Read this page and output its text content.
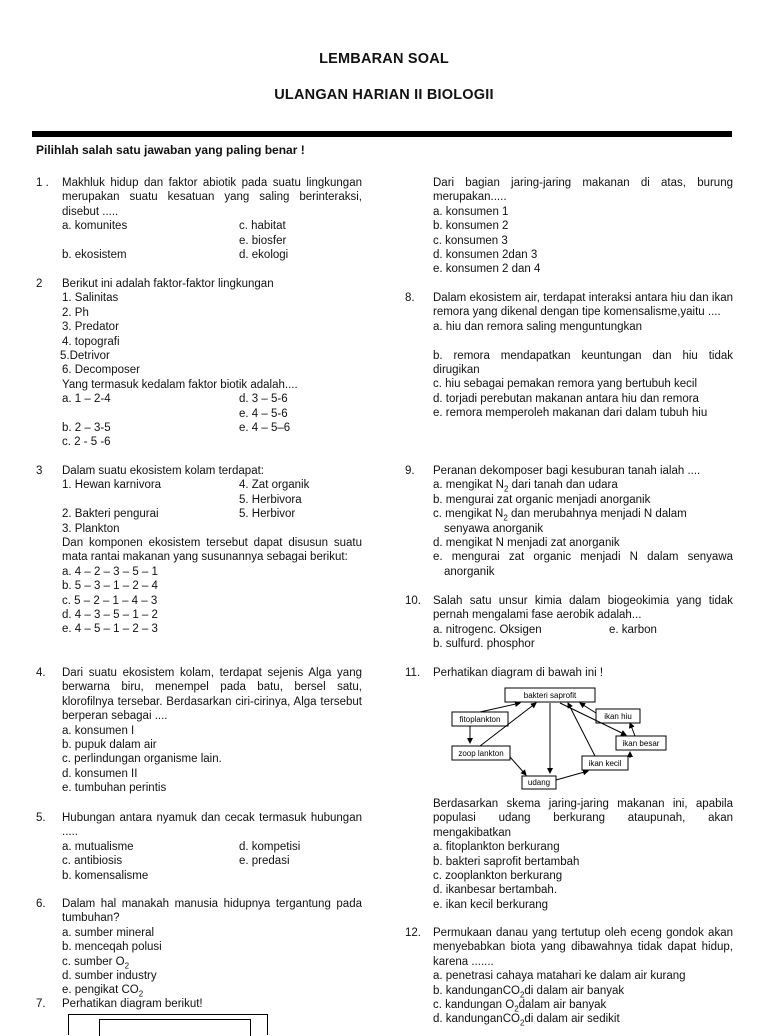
LEMBARAN SOAL
ULANGAN HARIAN II BIOLOGII
Pilihlah salah satu jawaban yang paling benar !
1 . Makhluk hidup dan faktor abiotik pada suatu lingkungan merupakan suatu kesatuan yang saling berinteraksi, disebut .....
a. komunites	c. habitat
e. biosfer
b. ekosistem	d. ekologi
2 Berikut ini adalah faktor-faktor lingkungan
1. Salinitas
2. Ph
3. Predator
4. topografi
5.Detrivor
6. Decomposer
Yang termasuk kedalam faktor biotik adalah....
a. 1 – 2-4	d. 3 – 5-6
e. 4 – 5-6
b. 2 – 3-5	e. 4 – 5–6
c. 2 - 5 -6
3 Dalam suatu ekosistem kolam terdapat:
1. Hewan karnivora	4. Zat organik
5. Herbivora
2. Bakteri pengurai	5. Herbivor
3. Plankton
Dan komponen ekosistem tersebut dapat disusun suatu mata rantai makanan yang susunannya sebagai berikut:
a. 4 – 2 – 3 – 5 – 1
b. 5 – 3 – 1 – 2 – 4
c. 5 – 2 – 1 – 4 – 3
d. 4 – 3 – 5 – 1 – 2
e. 4 – 5 – 1 – 2 – 3
4. Dari suatu ekosistem kolam, terdapat sejenis Alga yang berwarna biru, menempel pada batu, bersel satu, klorofilnya tersebar. Berdasarkan ciri-cirinya, Alga tersebut berperan sebagai ....
a. konsumen I
b. pupuk dalam air
c. perlindungan organisme lain.
d. konsumen II
e. tumbuhan perintis
5. Hubungan antara nyamuk dan cecak termasuk hubungan .....
a. mutualisme	d. kompetisi
c. antibiosis	e. predasi
b. komensalisme
6. Dalam hal manakah manusia hidupnya tergantung pada tumbuhan?
a. sumber mineral
b. menceqah polusi
c. sumber $O_2$
d. sumber industry
e. pengikat $CO_2$
7. Perhatikan diagram berikut!
Dari bagian jaring-jaring makanan di atas, burung merupakan.....
a. konsumen 1
b. konsumen 2
c. konsumen 3
d. konsumen 2dan 3
e. konsumen 2 dan 4
8. Dalam ekosistem air, terdapat interaksi antara hiu dan ikan remora yang dikenal dengan tipe komensalisme,yaitu ....
a. hiu dan remora saling menguntungkan
b. remora mendapatkan keuntungan dan hiu tidak dirugikan
c. hiu sebagai pemakan remora yang bertubuh kecil
d. torjadi perebutan makanan antara hiu dan remora
e. remora memperoleh makanan dari dalam tubuh hiu
9. Peranan dekomposer bagi kesuburan tanah ialah ....
a. mengikat $N_2$ dari tanah dan udara
b. mengurai zat organic menjadi anorganik
c. mengikat $N_2$ dan merubahnya menjadi N dalam senyawa anorganik
d. mengikat N menjadi zat anorganik
e. mengurai zat organic menjadi N dalam senyawa anorganik
10. Salah satu unsur kimia dalam biogeokimia yang tidak pernah mengalami fase aerobik adalah...
a. nitrogenc. Oksigen	e. karbon
b. sulfurd. phosphor
11. Perhatikan diagram di bawah ini !
bakteri saprofit
fitoplankton	ikan hiu
ikan besar
zoop lankton
ikan kecil
udang
Berdasarkan skema jaring-jaring makanan ini, apabila populasi udang berkurang ataupunah, akan mengakibatkan
a. fitoplankton berkurang
b. bakteri saprofit bertambah
c. zooplankton berkurang
d. ikanbesar bertambah.
e. ikan kecil berkurang
12. Permukaan danau yang tertutup oleh eceng gondok akan menyebabkan biota yang dibawahnya tidak dapat hidup, karena .......
a. penetrasi cahaya matahari ke dalam air kurang
b. kandunganCO$_2$di dalam air banyak
c. kandungan $O_2dalam$ air banyak
d. kandunganCO$_2$di dalam air sedikit
